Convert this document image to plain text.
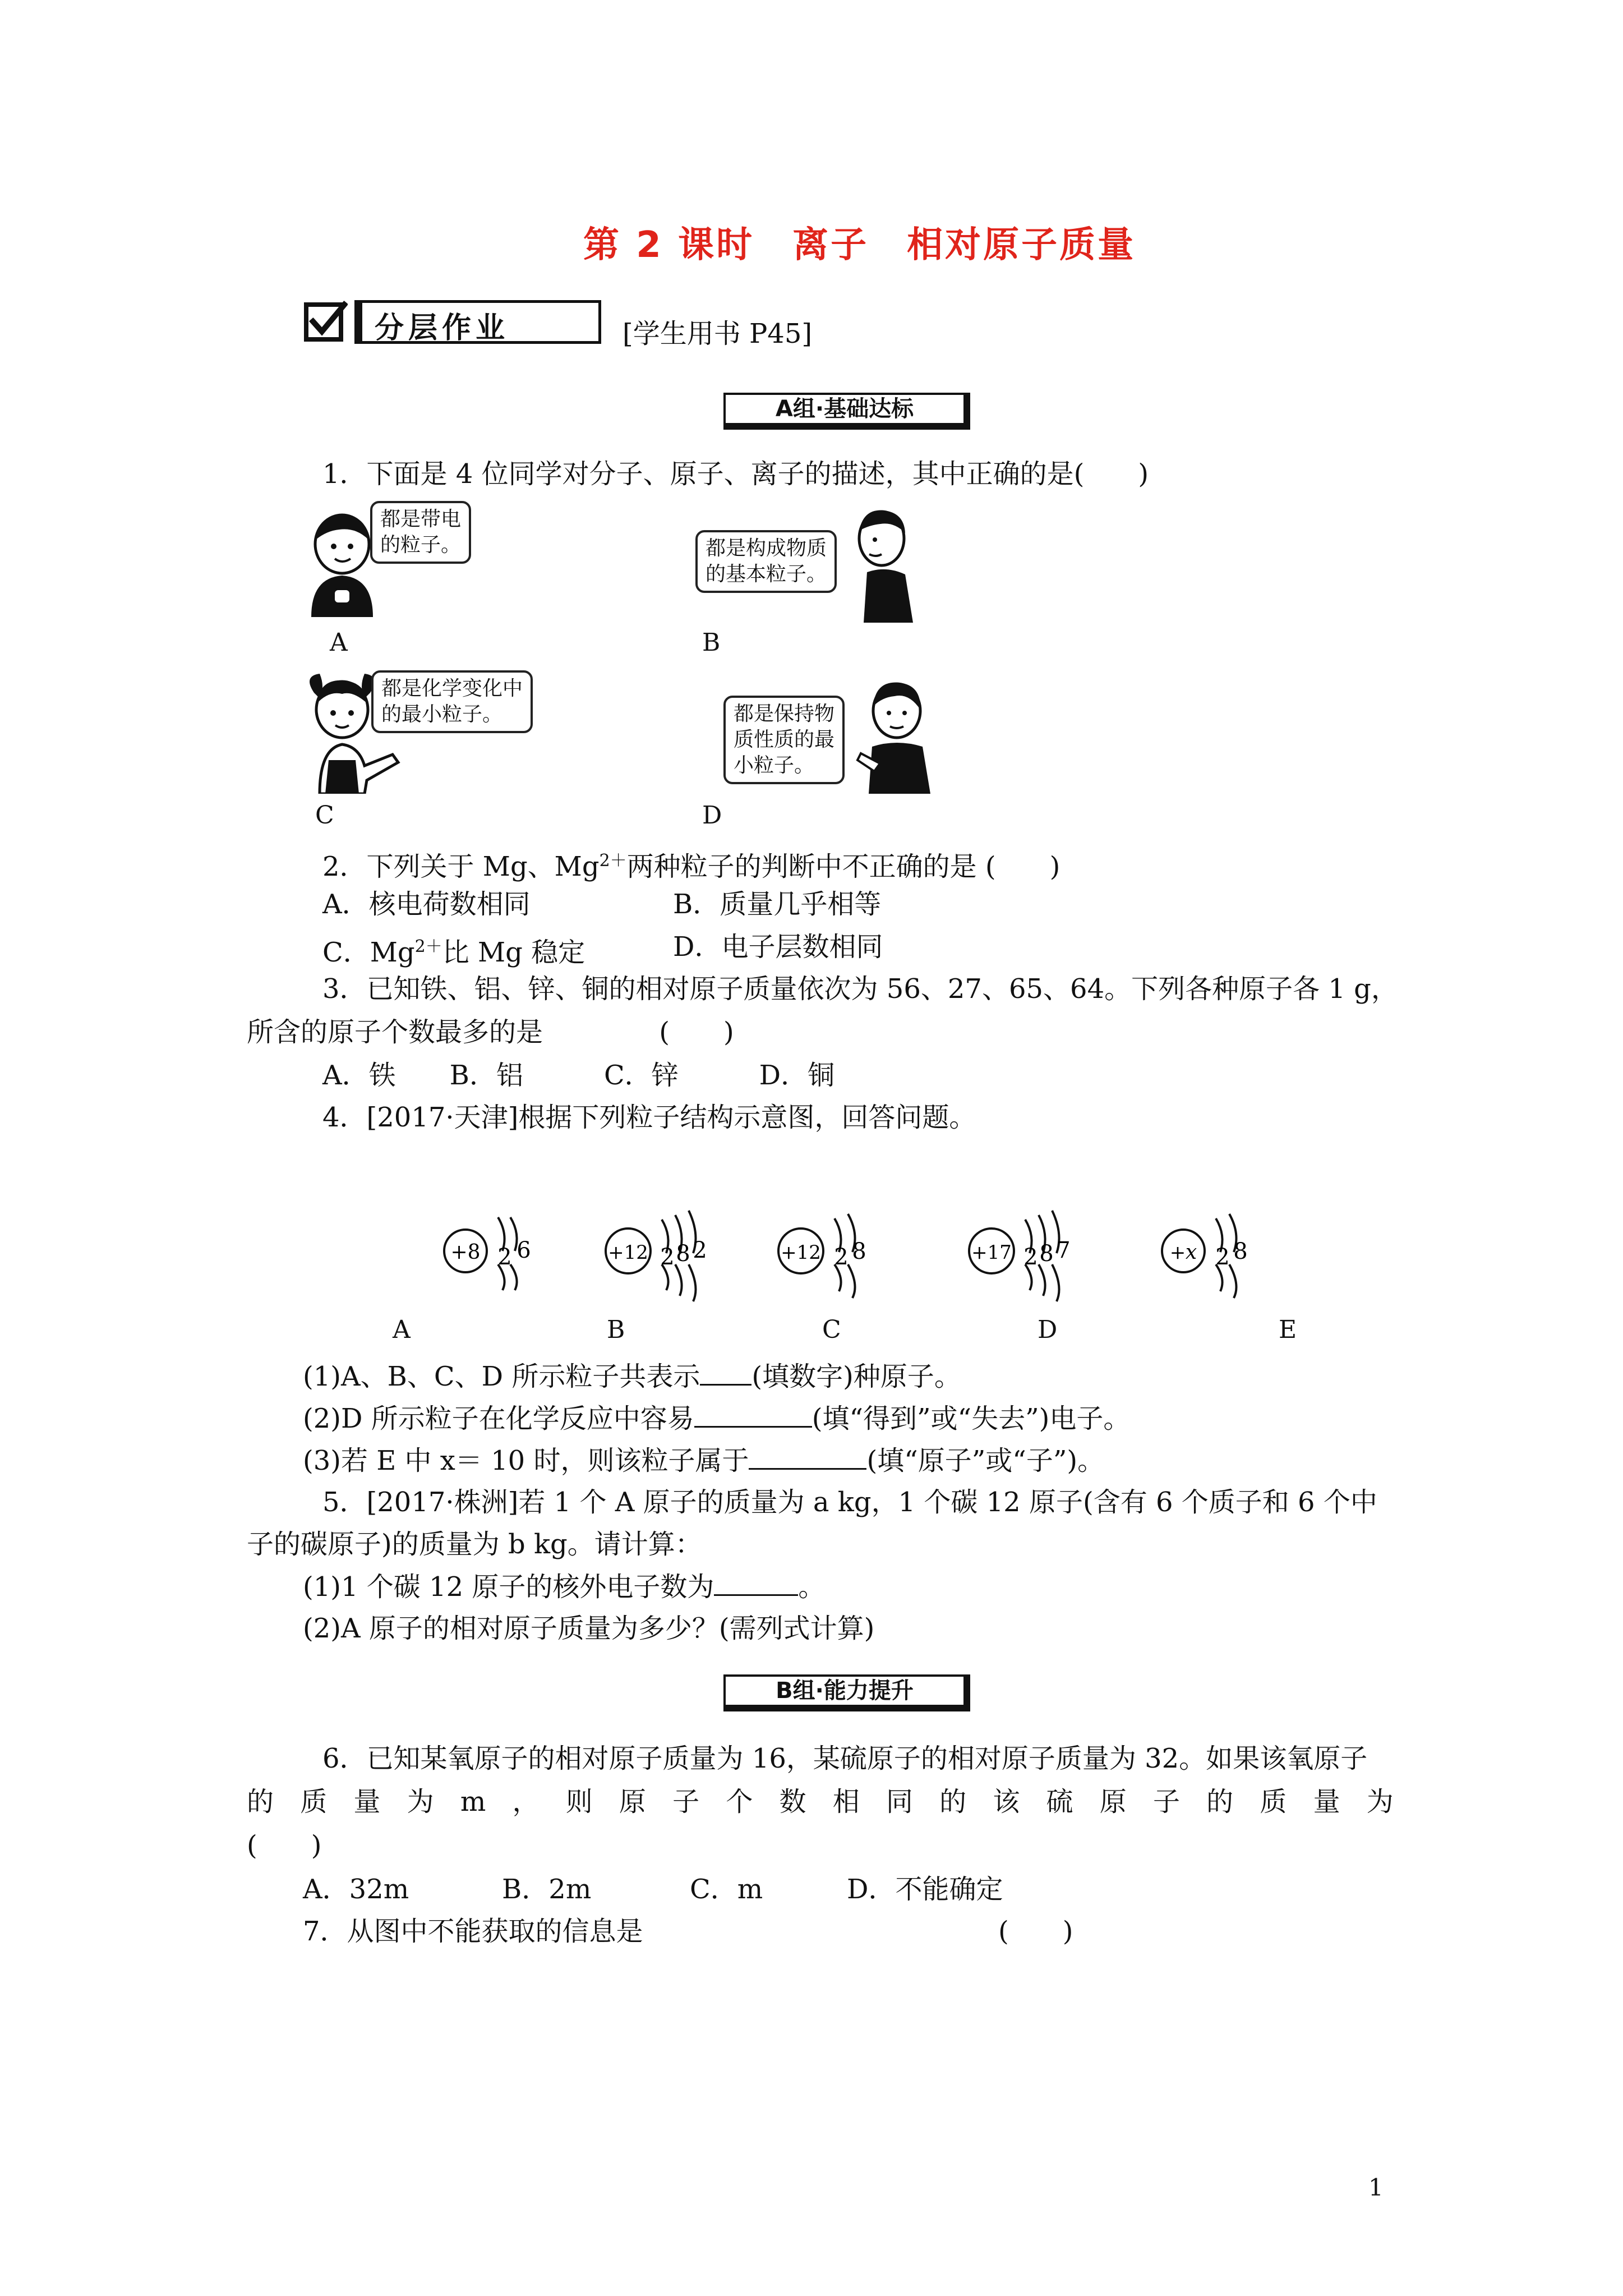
第 2 课时　离子　相对原子质量
分层作业	[学生用书 P45]
A组·基础达标
1．下面是 4 位同学对分子、原子、离子的描述，其中正确的是(　　)
都是带电
的粒子。
A
都是构成物质
的基本粒子。
B
都是化学变化中
的最小粒子。
C
都是保持物
质性质的最
小粒子。
D
2．下列关于 Mg、$Mg^{2+}$两种粒子的判断中不正确的是 (　　)
A．核电荷数相同	B．质量几乎相等
C．$Mg^{2+}$比 Mg 稳定	D．电子层数相同
3．已知铁、铝、锌、铜的相对原子质量依次为 56、27、65、64。下列各种原子各 1 g，
所含的原子个数最多的是　　　　 (　　)
A．铁　　B．铝　　　C．锌　　　D．铜
4．[2017·天津]根据下列粒子结构示意图，回答问题。
+8 2 6	+12 2 8 2	+12 2 8	+17 2 8 7	+ x 2 8
A	B	C	D	E
(1)A、B、C、D 所示粒子共表示 (填数字)种原子。
(2)D 所示粒子在化学反应中容易	(填“得到”或“失去”)电子。
(3)若 E 中 x＝ 10 时，则该粒子属于	(填“原子”或“子”)。
5．[2017·株洲]若 1 个 A 原子的质量为 a kg，1 个碳 12 原子(含有 6 个质子和 6 个中
子的碳原子)的质量为 b kg。请计算：
(1)1 个碳 12 原子的核外电子数为	。
(2)A 原子的相对原子质量为多少？(需列式计算)
B组·能力提升
6．已知某氧原子的相对原子质量为 16，某硫原子的相对原子质量为 32。如果该氧原子
的 质 量 为 m ， 则 原 子 个 数 相 同 的 该 硫 原 子 的 质 量 为
(　　)
A．32m	B．2m	C．m	D．不能确定
7．从图中不能获取的信息是	(　　)
1
